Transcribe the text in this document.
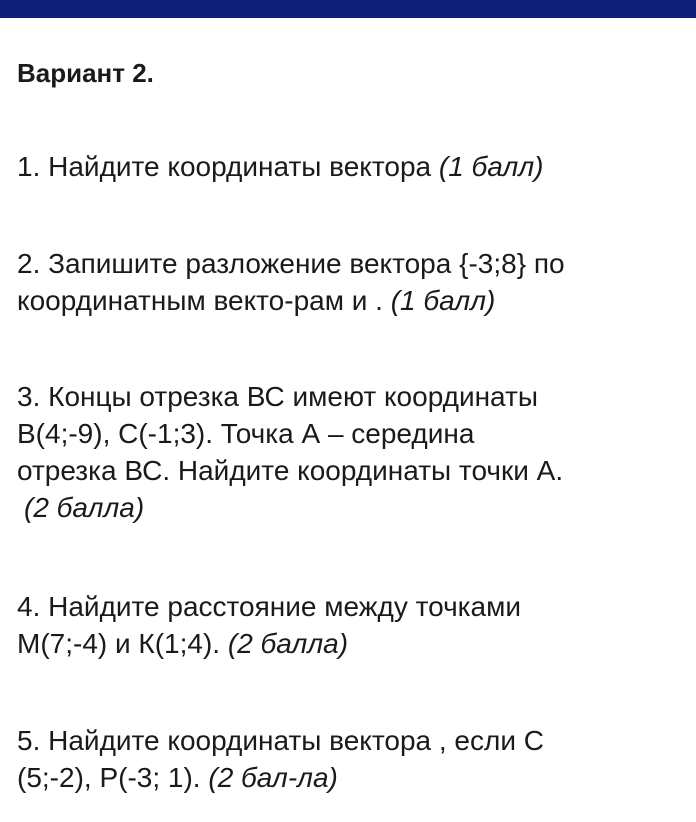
Вариант 2.
1. Найдите координаты вектора (1 балл)
2. Запишите разложение вектора {-3;8} по
координатным векто-рам и . (1 балл)
3. Концы отрезка ВС имеют координаты
В(4;-9), С(-1;3). Точка А – середина
отрезка ВС. Найдите координаты точки А.
(2 балла)
4. Найдите расстояние между точками
М(7;-4) и К(1;4). (2 балла)
5. Найдите координаты вектора , если С
(5;-2), Р(-3; 1). (2 бал-ла)
